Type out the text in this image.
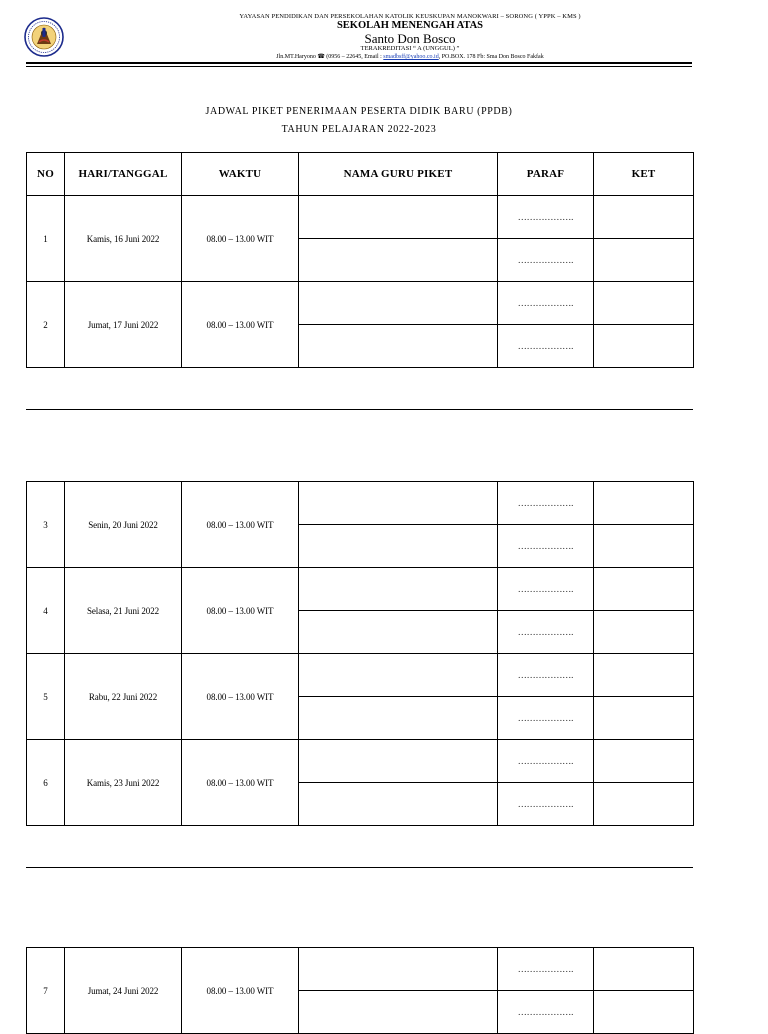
YAYASAN PENDIDIKAN DAN PERSEKOLAHAN KATOLIK KEUSKUPAN MANOKWARI – SORONG ( YPPK – KMS )
SEKOLAH MENENGAH ATAS
Santo Don Bosco
TERAKREDITASI “ A (UNGGUL) ”
Jln.MT.Haryono ☎ (0956 – 22645, Email : smadbsff@yahoo.co.id, PO.BOX. 178 Fb: Sma Don Bosco Fakfak
JADWAL PIKET PENERIMAAN PESERTA DIDIK BARU (PPDB)
TAHUN PELAJARAN 2022-2023
NO	HARI/TANGGAL	WAKTU	NAMA GURU PIKET	PARAF	KET
1	Kamis, 16 Juni 2022	08.00 – 13.00 WIT		……………….	
				……………….	
2	Jumat, 17 Juni 2022	08.00 – 13.00 WIT		……………….	
				……………….	
3	Senin, 20 Juni 2022	08.00 – 13.00 WIT		……………….	
				……………….	
4	Selasa, 21 Juni 2022	08.00 – 13.00 WIT		……………….	
				……………….	
5	Rabu, 22 Juni 2022	08.00 – 13.00 WIT		……………….	
				……………….	
6	Kamis, 23 Juni 2022	08.00 – 13.00 WIT		……………….	
				……………….	
7	Jumat, 24 Juni 2022	08.00 – 13.00 WIT		……………….	
				……………….	
